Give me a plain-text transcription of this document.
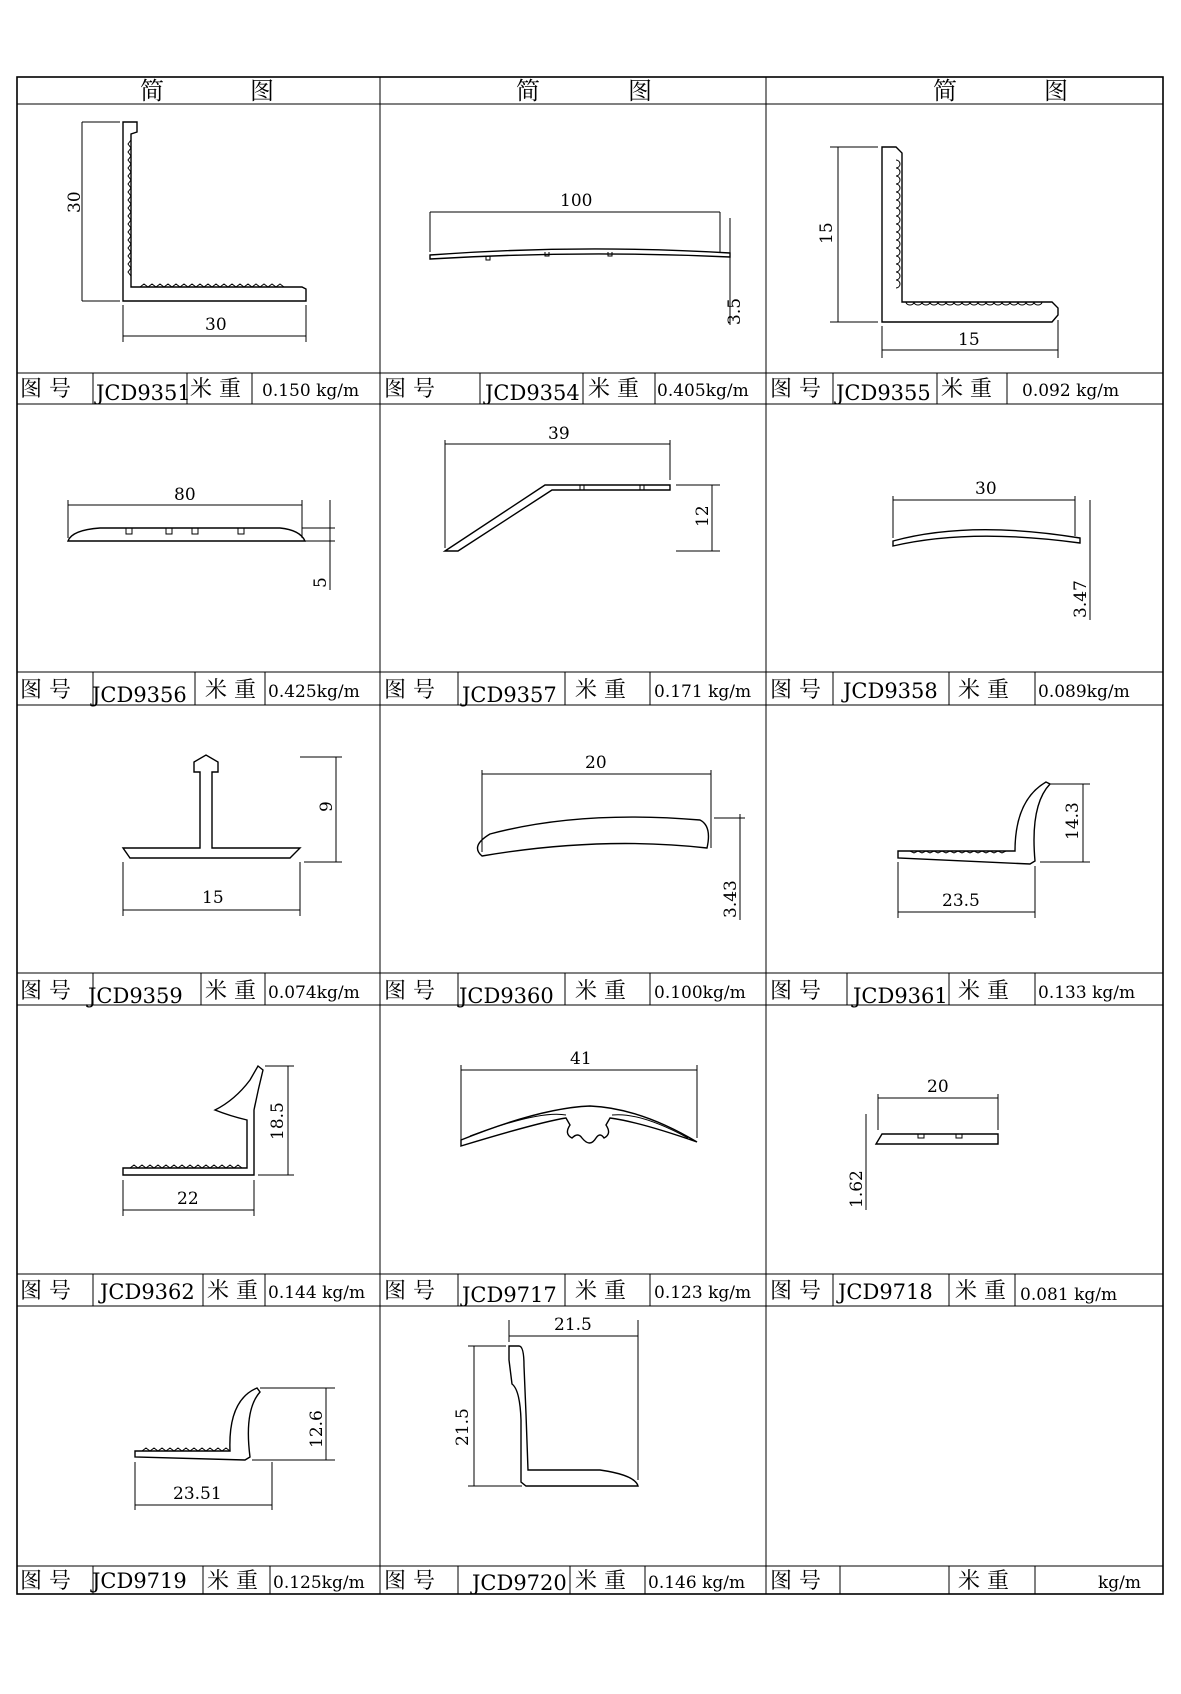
简	图	简	图	简	图
图 号 JCD9351 米 重 0.150 kg/m 图 号 JCD9354 米 重 0.405kg/m 图 号 JCD9355 米 重 0.092 kg/m
图 号 JCD9356 米 重 0.425kg/m 图 号 JCD9357 米 重 0.171 kg/m 图 号 JCD9358 米 重 0.089kg/m
图 号 JCD9359 米 重 0.074kg/m 图 号 JCD9360 米 重 0.100kg/m 图 号 JCD9361 米 重 0.133 kg/m
图 号 JCD9362 米 重 0.144 kg/m 图 号 JCD9717 米 重 0.123 kg/m 图 号 JCD9718 米 重 0.081 kg/m
图 号 JCD9719 米 重 0.125kg/m 图 号 JCD9720 米 重 0.146 kg/m 图 号	米 重	kg/m
30
30
100
3.5
15
15
80
5
39
12
30
3.47
9
15
20
3.43
14.3
23.5
18.5
22
41
20
1.62
12.6
23.51
21.5
21.5
